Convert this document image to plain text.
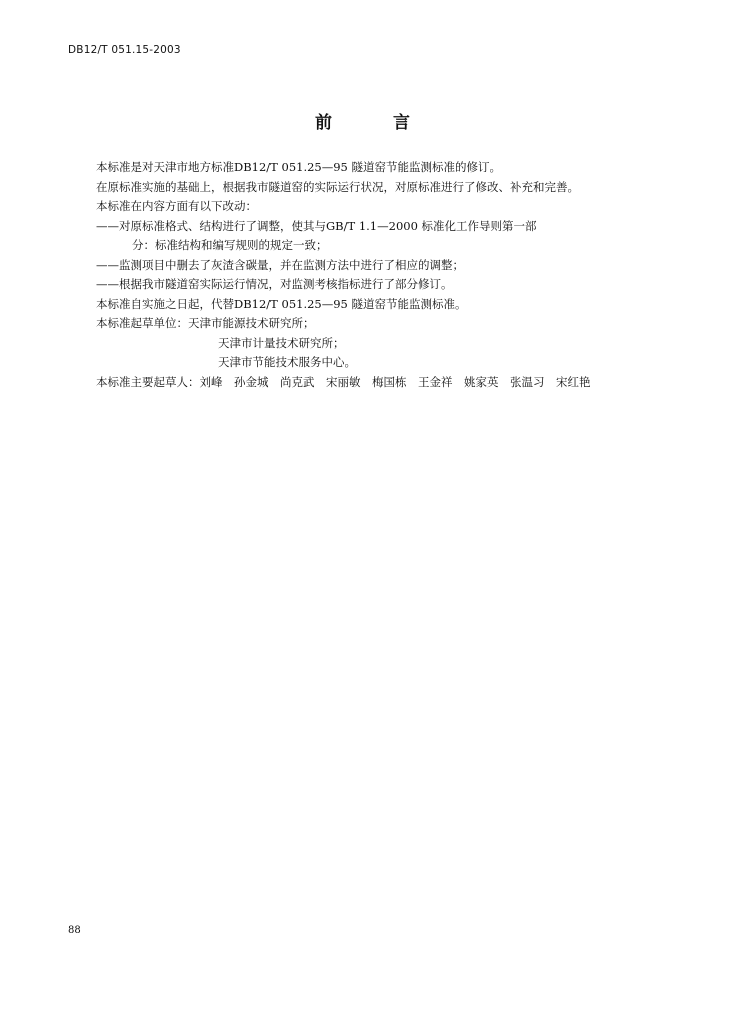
DB12/T 051.15-2003
前　言

本标准是对天津市地方标准DB12/T 051.25—95 隧道窑节能监测标准的修订。

在原标准实施的基础上，根据我市隧道窑的实际运行状况，对原标准进行了修改、补充和完善。

本标准在内容方面有以下改动：

——对原标准格式、结构进行了调整，使其与GB/T 1.1—2000 标准化工作导则第一部

分：标准结构和编写规则的规定一致；

——监测项目中删去了灰渣含碳量，并在监测方法中进行了相应的调整；

——根据我市隧道窑实际运行情况，对监测考核指标进行了部分修订。

本标准自实施之日起，代替DB12/T 051.25—95 隧道窑节能监测标准。

本标准起草单位：天津市能源技术研究所；

天津市计量技术研究所；

天津市节能技术服务中心。

本标准主要起草人：刘峰　孙金城　尚克武　宋丽敏　梅国栋　王金祥　姚家英　张温习　宋红艳

88
